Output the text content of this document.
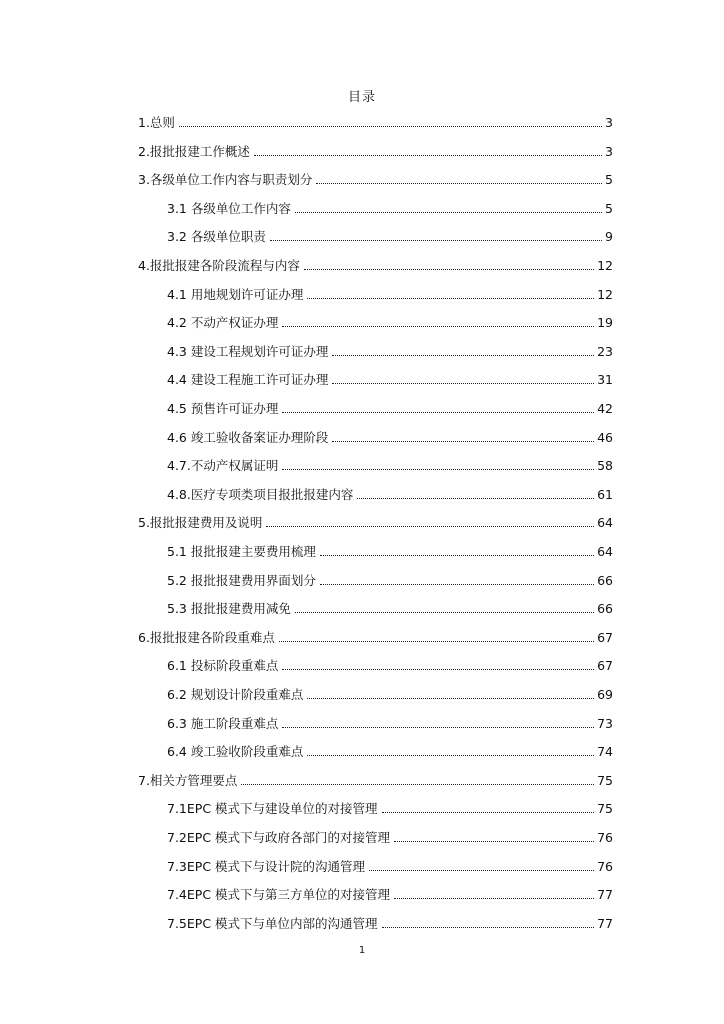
目录
1.总则	3
2.报批报建工作概述	3
3.各级单位工作内容与职责划分	5
3.1 各级单位工作内容	5
3.2 各级单位职责	9
4.报批报建各阶段流程与内容	12
4.1 用地规划许可证办理	12
4.2 不动产权证办理	19
4.3 建设工程规划许可证办理	23
4.4 建设工程施工许可证办理	31
4.5 预售许可证办理	42
4.6 竣工验收备案证办理阶段	46
4.7.不动产权属证明	58
4.8.医疗专项类项目报批报建内容	61
5.报批报建费用及说明	64
5.1 报批报建主要费用梳理	64
5.2 报批报建费用界面划分	66
5.3 报批报建费用减免	66
6.报批报建各阶段重难点	67
6.1 投标阶段重难点	67
6.2 规划设计阶段重难点	69
6.3 施工阶段重难点	73
6.4 竣工验收阶段重难点	74
7.相关方管理要点	75
7.1EPC 模式下与建设单位的对接管理	75
7.2EPC 模式下与政府各部门的对接管理	76
7.3EPC 模式下与设计院的沟通管理	76
7.4EPC 模式下与第三方单位的对接管理	77
7.5EPC 模式下与单位内部的沟通管理	77
1
